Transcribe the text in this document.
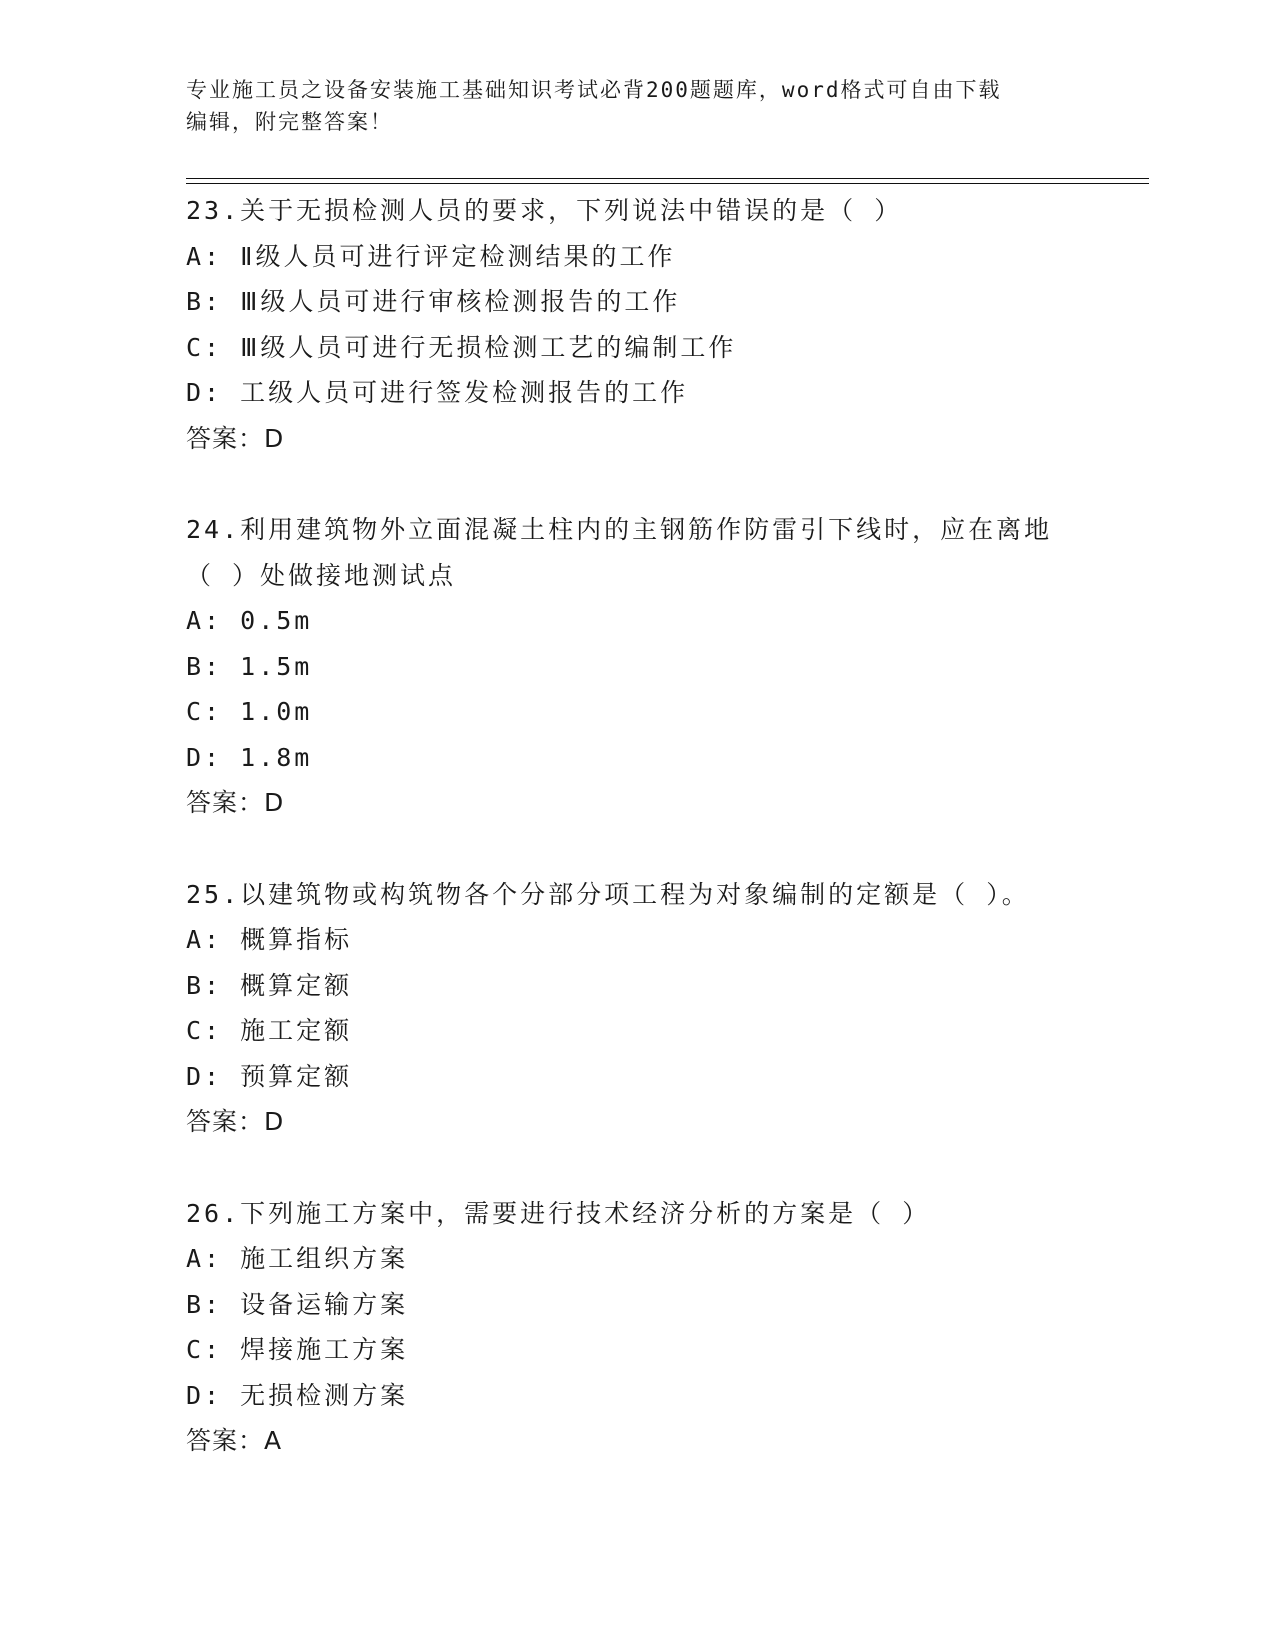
专业施工员之设备安装施工基础知识考试必背200题题库，word格式可自由下载
编辑，附完整答案！
23.关于无损检测人员的要求，下列说法中错误的是（ ）
A: Ⅱ级人员可进行评定检测结果的工作
B: Ⅲ级人员可进行审核检测报告的工作
C: Ⅲ级人员可进行无损检测工艺的编制工作
D: 工级人员可进行签发检测报告的工作
答案：D
24.利用建筑物外立面混凝土柱内的主钢筋作防雷引下线时，应在离地
（ ）处做接地测试点
A: 0.5m
B: 1.5m
C: 1.0m
D: 1.8m
答案：D
25.以建筑物或构筑物各个分部分项工程为对象编制的定额是（ ）。
A: 概算指标
B: 概算定额
C: 施工定额
D: 预算定额
答案：D
26.下列施工方案中，需要进行技术经济分析的方案是（ ）
A: 施工组织方案
B: 设备运输方案
C: 焊接施工方案
D: 无损检测方案
答案：A
